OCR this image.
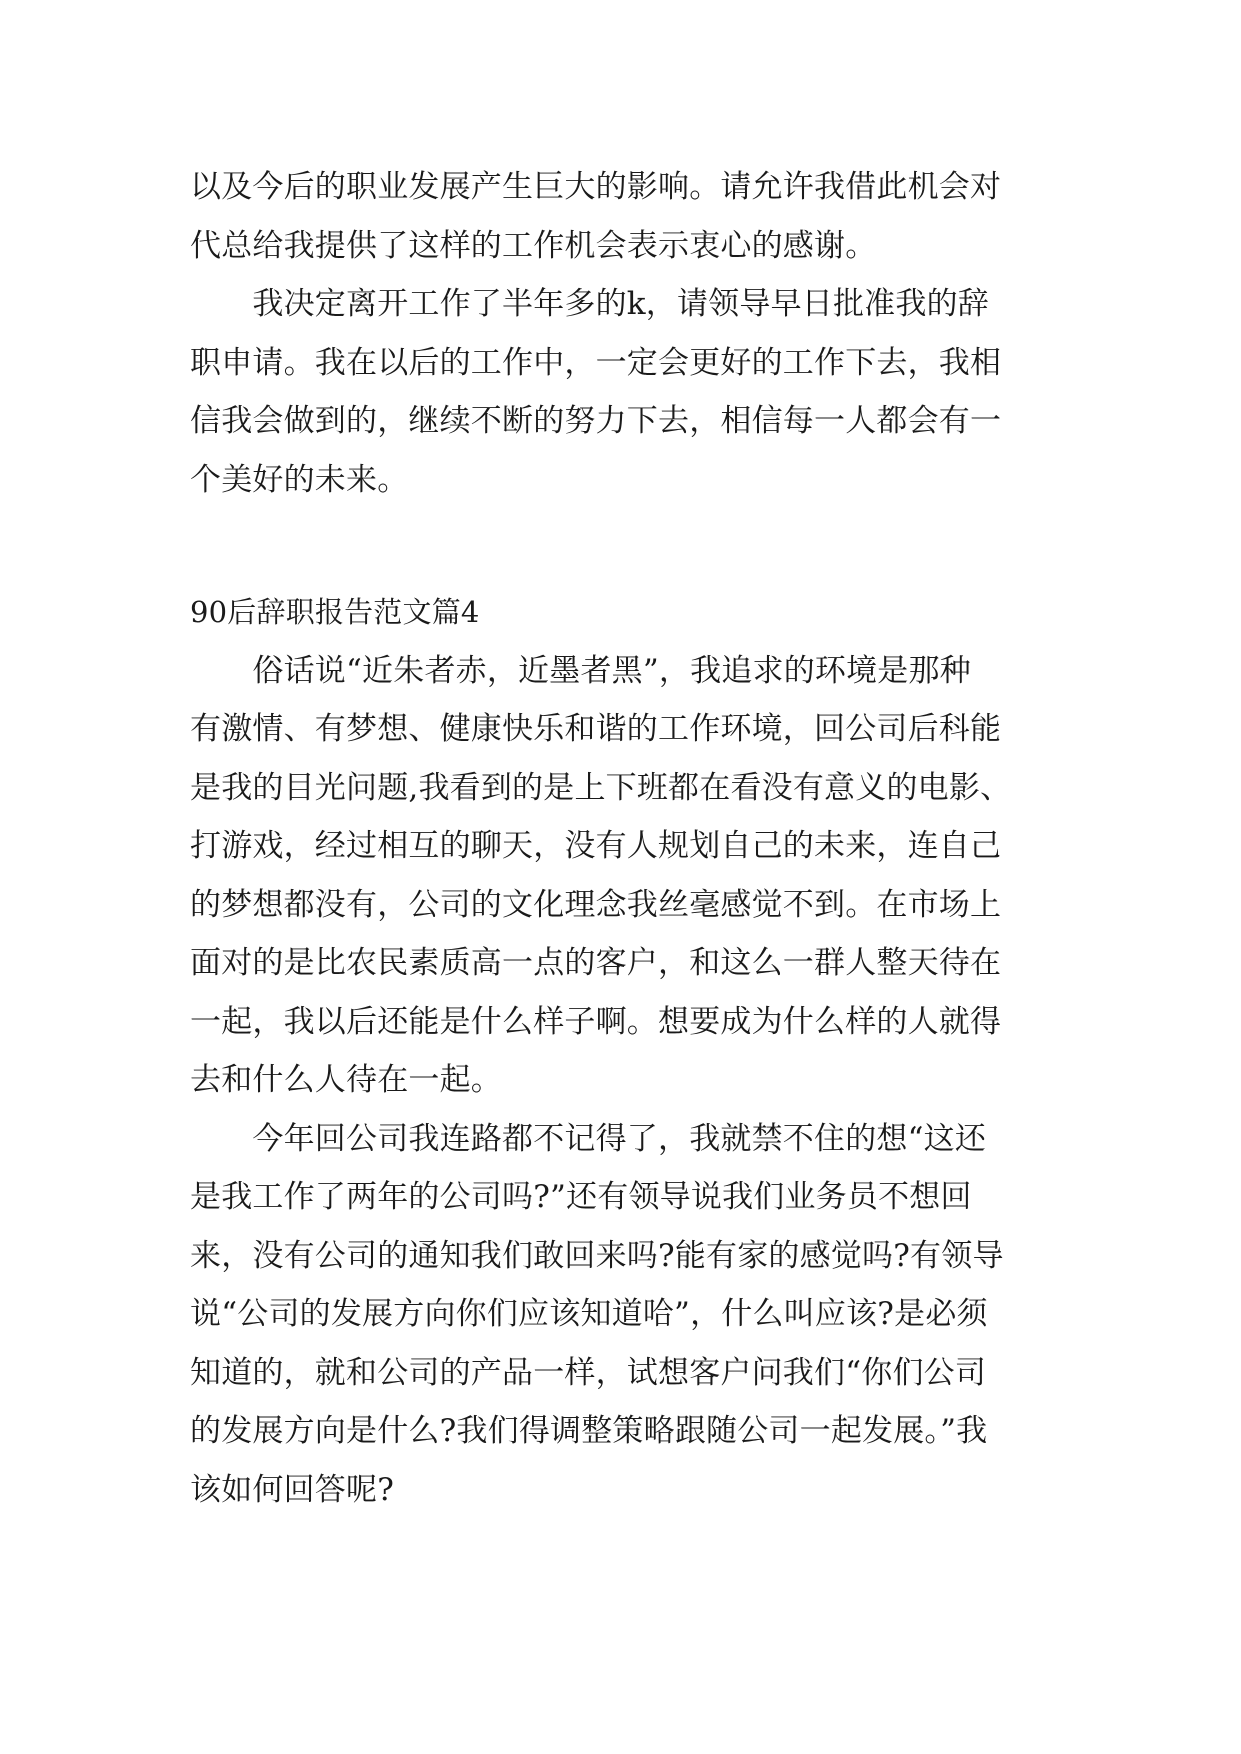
以及今后的职业发展产生巨大的影响。请允许我借此机会对
代总给我提供了这样的工作机会表示衷心的感谢。
　　我决定离开工作了半年多的k，请领导早日批准我的辞
职申请。我在以后的工作中，一定会更好的工作下去，我相
信我会做到的，继续不断的努力下去，相信每一人都会有一
个美好的未来。
90后辞职报告范文篇4
　　俗话说“近朱者赤，近墨者黑”，我追求的环境是那种
有激情、有梦想、健康快乐和谐的工作环境，回公司后科能
是我的目光问题,我看到的是上下班都在看没有意义的电影、
打游戏，经过相互的聊天，没有人规划自己的未来，连自己
的梦想都没有，公司的文化理念我丝毫感觉不到。在市场上
面对的是比农民素质高一点的客户，和这么一群人整天待在
一起，我以后还能是什么样子啊。想要成为什么样的人就得
去和什么人待在一起。
　　今年回公司我连路都不记得了，我就禁不住的想“这还
是我工作了两年的公司吗?”还有领导说我们业务员不想回
来，没有公司的通知我们敢回来吗?能有家的感觉吗?有领导
说“公司的发展方向你们应该知道哈”，什么叫应该?是必须
知道的，就和公司的产品一样，试想客户问我们“你们公司
的发展方向是什么?我们得调整策略跟随公司一起发展。”我
该如何回答呢?
